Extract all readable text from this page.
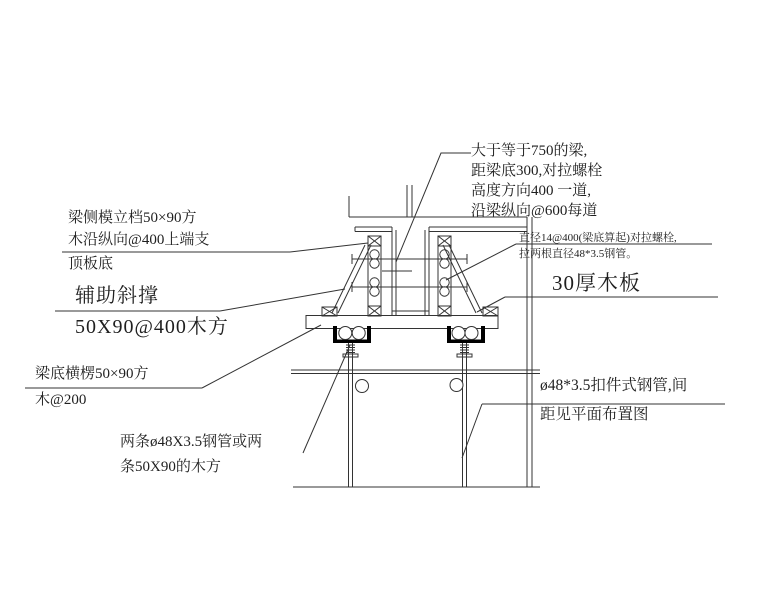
大于等于750的梁,
距梁底300,对拉螺栓
高度方向400 一道,
沿梁纵向@600每道
直径14@400(梁底算起)对拉螺栓,
拉两根直径48*3.5钢管。
30厚木板
梁侧模立档50×90方
木沿纵向@400上端支
顶板底
辅助斜撑
50X90@400木方
梁底横楞50×90方
木@200
两条ø48X3.5钢管或两
条50X90的木方
ø48*3.5扣件式钢管,间
距见平面布置图
